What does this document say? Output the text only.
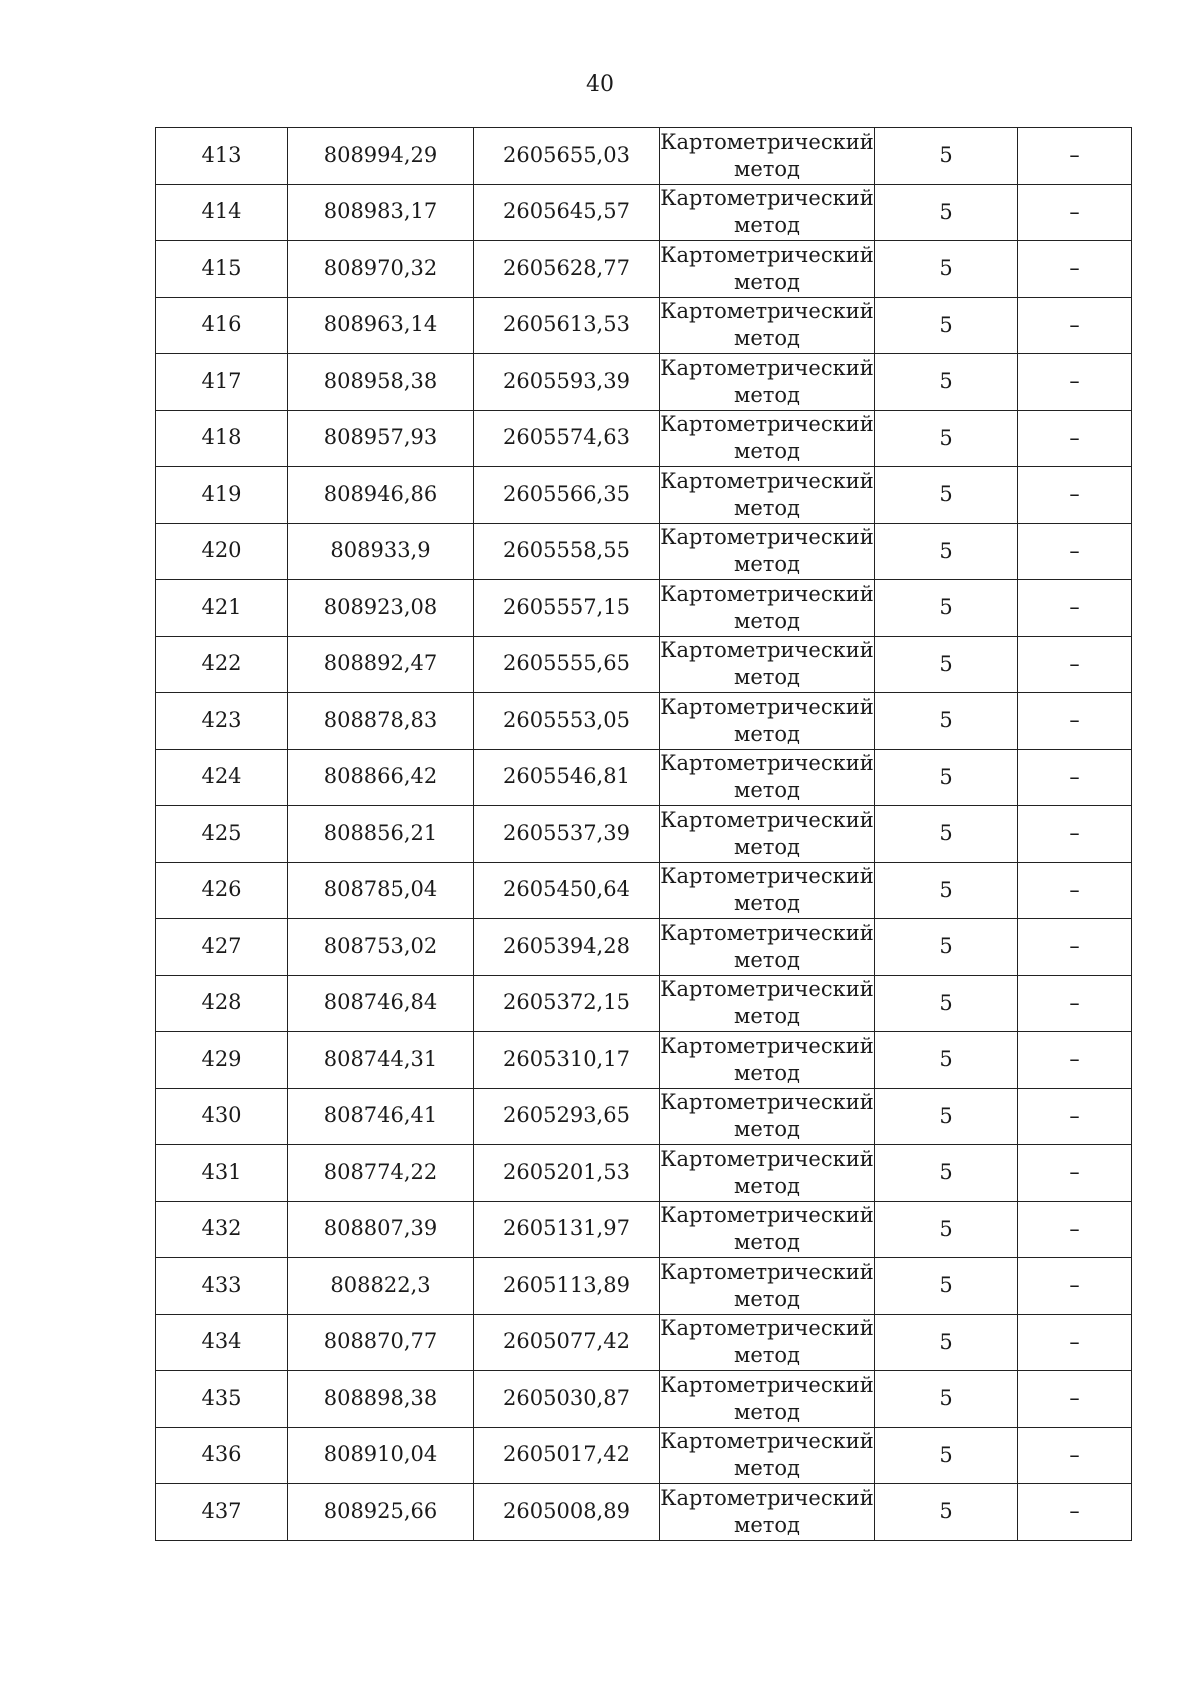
40
413	808994,29	2605655,03	Картометрический
метод	5	–

414	808983,17	2605645,57	Картометрический
метод	5	–

415	808970,32	2605628,77	Картометрический
метод	5	–

416	808963,14	2605613,53	Картометрический
метод	5	–

417	808958,38	2605593,39	Картометрический
метод	5	–

418	808957,93	2605574,63	Картометрический
метод	5	–

419	808946,86	2605566,35	Картометрический
метод	5	–

420	808933,9	2605558,55	Картометрический
метод	5	–

421	808923,08	2605557,15	Картометрический
метод	5	–

422	808892,47	2605555,65	Картометрический
метод	5	–

423	808878,83	2605553,05	Картометрический
метод	5	–

424	808866,42	2605546,81	Картометрический
метод	5	–

425	808856,21	2605537,39	Картометрический
метод	5	–

426	808785,04	2605450,64	Картометрический
метод	5	–

427	808753,02	2605394,28	Картометрический
метод	5	–

428	808746,84	2605372,15	Картометрический
метод	5	–

429	808744,31	2605310,17	Картометрический
метод	5	–

430	808746,41	2605293,65	Картометрический
метод	5	–

431	808774,22	2605201,53	Картометрический
метод	5	–

432	808807,39	2605131,97	Картометрический
метод	5	–

433	808822,3	2605113,89	Картометрический
метод	5	–

434	808870,77	2605077,42	Картометрический
метод	5	–

435	808898,38	2605030,87	Картометрический
метод	5	–

436	808910,04	2605017,42	Картометрический
метод	5	–

437	808925,66	2605008,89	Картометрический
метод	5	–
